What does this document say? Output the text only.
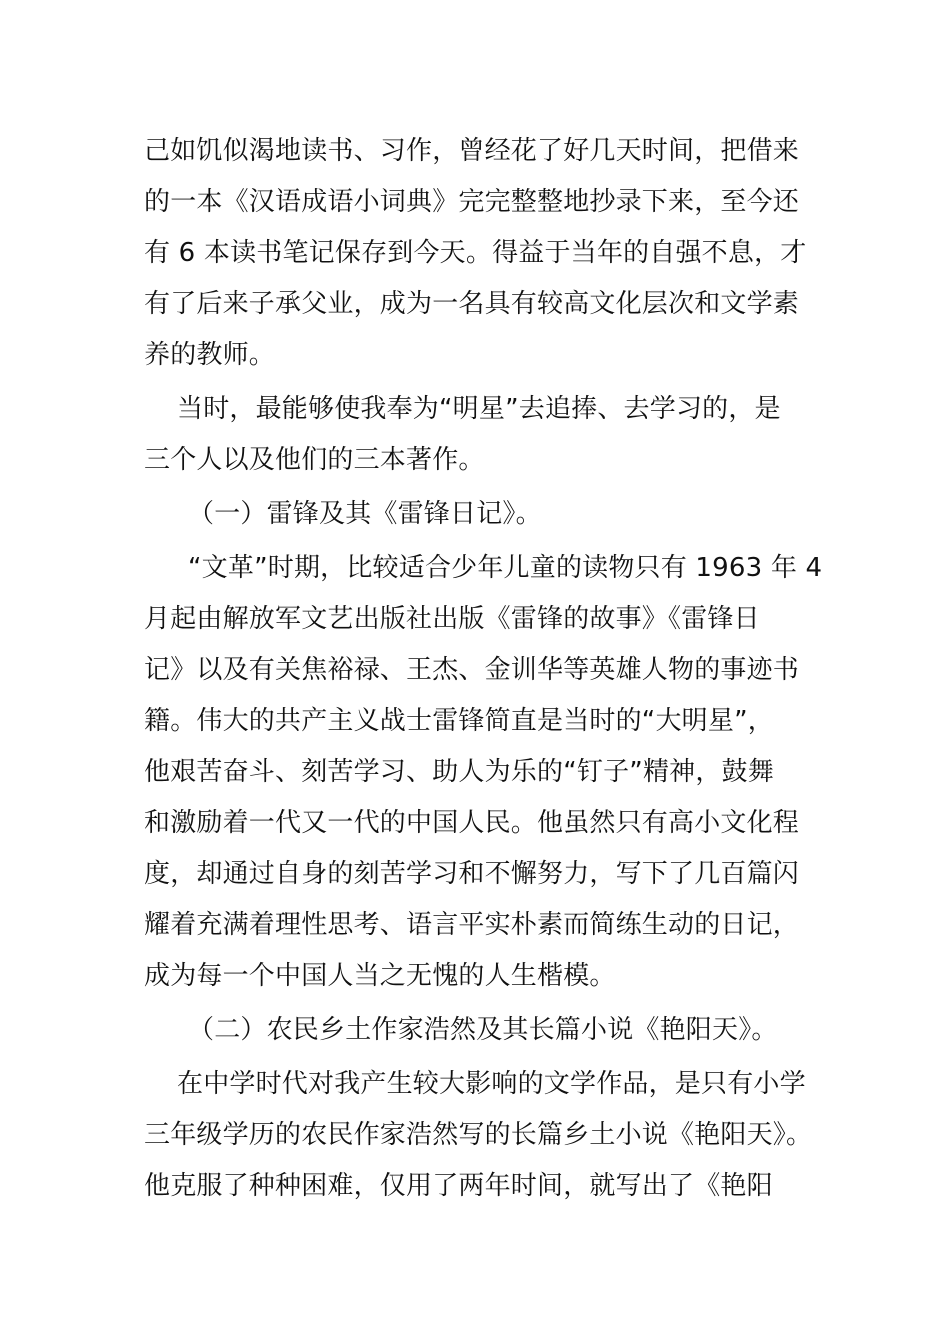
己如饥似渴地读书、习作，曾经花了好几天时间，把借来
的一本《汉语成语小词典》完完整整地抄录下来，至今还
有 6 本读书笔记保存到今天。得益于当年的自强不息，才
有了后来子承父业，成为一名具有较高文化层次和文学素
养的教师。
当时，最能够使我奉为“明星”去追捧、去学习的，是
三个人以及他们的三本著作。
（一）雷锋及其《雷锋日记》。
“文革”时期，比较适合少年儿童的读物只有 1963 年 4
月起由解放军文艺出版社出版《雷锋的故事》《雷锋日
记》以及有关焦裕禄、王杰、金训华等英雄人物的事迹书
籍。伟大的共产主义战士雷锋简直是当时的“大明星”，
他艰苦奋斗、刻苦学习、助人为乐的“钉子”精神，鼓舞
和激励着一代又一代的中国人民。他虽然只有高小文化程
度，却通过自身的刻苦学习和不懈努力，写下了几百篇闪
耀着充满着理性思考、语言平实朴素而简练生动的日记，
成为每一个中国人当之无愧的人生楷模。
（二）农民乡土作家浩然及其长篇小说《艳阳天》。
在中学时代对我产生较大影响的文学作品，是只有小学
三年级学历的农民作家浩然写的长篇乡土小说《艳阳天》。
他克服了种种困难，仅用了两年时间，就写出了《艳阳
